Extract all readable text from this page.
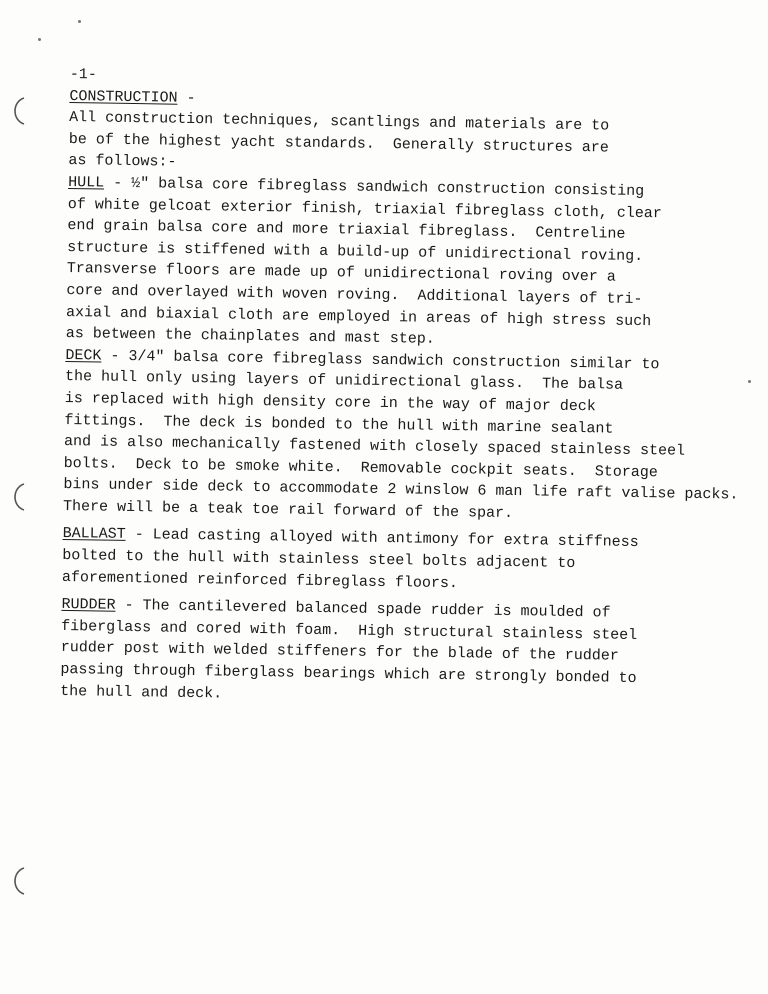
-1-
CONSTRUCTION -
All construction techniques, scantlings and materials are to
be of the highest yacht standards.  Generally structures are
as follows:-
HULL - ½" balsa core fibreglass sandwich construction consisting
of white gelcoat exterior finish, triaxial fibreglass cloth, clear
end grain balsa core and more triaxial fibreglass.  Centreline
structure is stiffened with a build-up of unidirectional roving.
Transverse floors are made up of unidirectional roving over a
core and overlayed with woven roving.  Additional layers of tri-
axial and biaxial cloth are employed in areas of high stress such
as between the chainplates and mast step.
DECK - 3/4" balsa core fibreglass sandwich construction similar to
the hull only using layers of unidirectional glass.  The balsa
is replaced with high density core in the way of major deck
fittings.  The deck is bonded to the hull with marine sealant
and is also mechanically fastened with closely spaced stainless steel
bolts.  Deck to be smoke white.  Removable cockpit seats.  Storage
bins under side deck to accommodate 2 winslow 6 man life raft valise packs.
There will be a teak toe rail forward of the spar.
BALLAST - Lead casting alloyed with antimony for extra stiffness
bolted to the hull with stainless steel bolts adjacent to
aforementioned reinforced fibreglass floors.
RUDDER - The cantilevered balanced spade rudder is moulded of
fiberglass and cored with foam.  High structural stainless steel
rudder post with welded stiffeners for the blade of the rudder
passing through fiberglass bearings which are strongly bonded to
the hull and deck.
